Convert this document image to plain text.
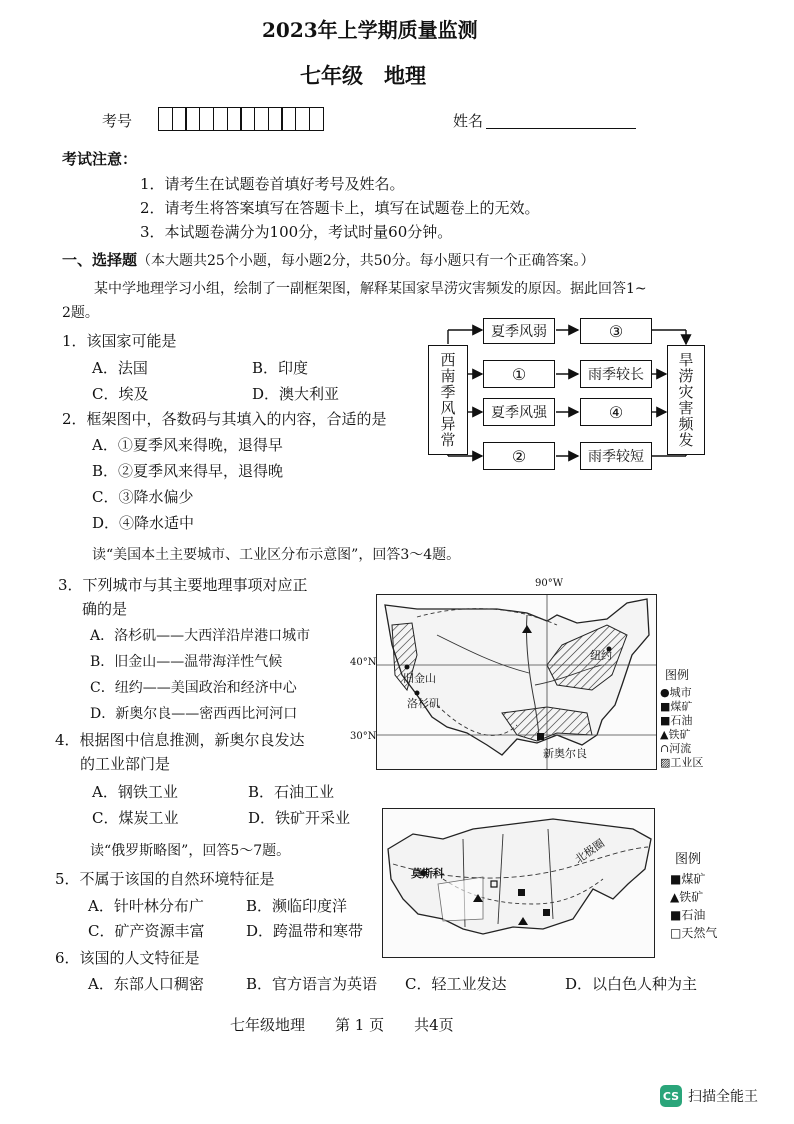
2023年上学期质量监测
七年级　地理
考号	姓名
考试注意：
1．请考生在试题卷首填好考号及姓名。
2．请考生将答案填写在答题卡上，填写在试题卷上的无效。
3．本试题卷满分为100分，考试时量60分钟。
一、选择题（本大题共25个小题，每小题2分，共50分。每小题只有一个正确答案。）
某中学地理学习小组，绘制了一副框架图，解释某国家旱涝灾害频发的原因。据此回答1~
2题。
1．该国家可能是
A．法国	B．印度
C．埃及	D．澳大利亚
2．框架图中，各数码与其填入的内容，合适的是
A．①夏季风来得晚，退得早
B．②夏季风来得早，退得晚
C．③降水偏少
D．④降水适中
西南季风异常	旱涝灾害频发
夏季风弱	③
①	雨季较长
夏季风强	④
②	雨季较短
读“美国本土主要城市、工业区分布示意图”，回答3～4题。
3．下列城市与其主要地理事项对应正
确的是
A．洛杉矶——大西洋沿岸港口城市
B．旧金山——温带海洋性气候
C．纽约——美国政治和经济中心
D．新奥尔良——密西西比河河口
4．根据图中信息推测，新奥尔良发达
的工业部门是
A．钢铁工业	B．石油工业
C．煤炭工业	D．铁矿开采业
90°W
40°N
30°N
旧金山
洛杉矶
纽约
新奥尔良
图例
●城市
■煤矿
■石油
▲铁矿
∩河流
▨工业区
读“俄罗斯略图”，回答5～7题。
5．不属于该国的自然环境特征是
A．针叶林分布广	B．濒临印度洋
C．矿产资源丰富	D．跨温带和寒带
6．该国的人文特征是
A．东部人口稠密	B．官方语言为英语 C．轻工业发达	D．以白色人种为主
莫斯科
北极圈	图例
■煤矿
▲铁矿
■石油
□天然气
七年级地理　　第 1 页　　共4页
CS 扫描全能王
